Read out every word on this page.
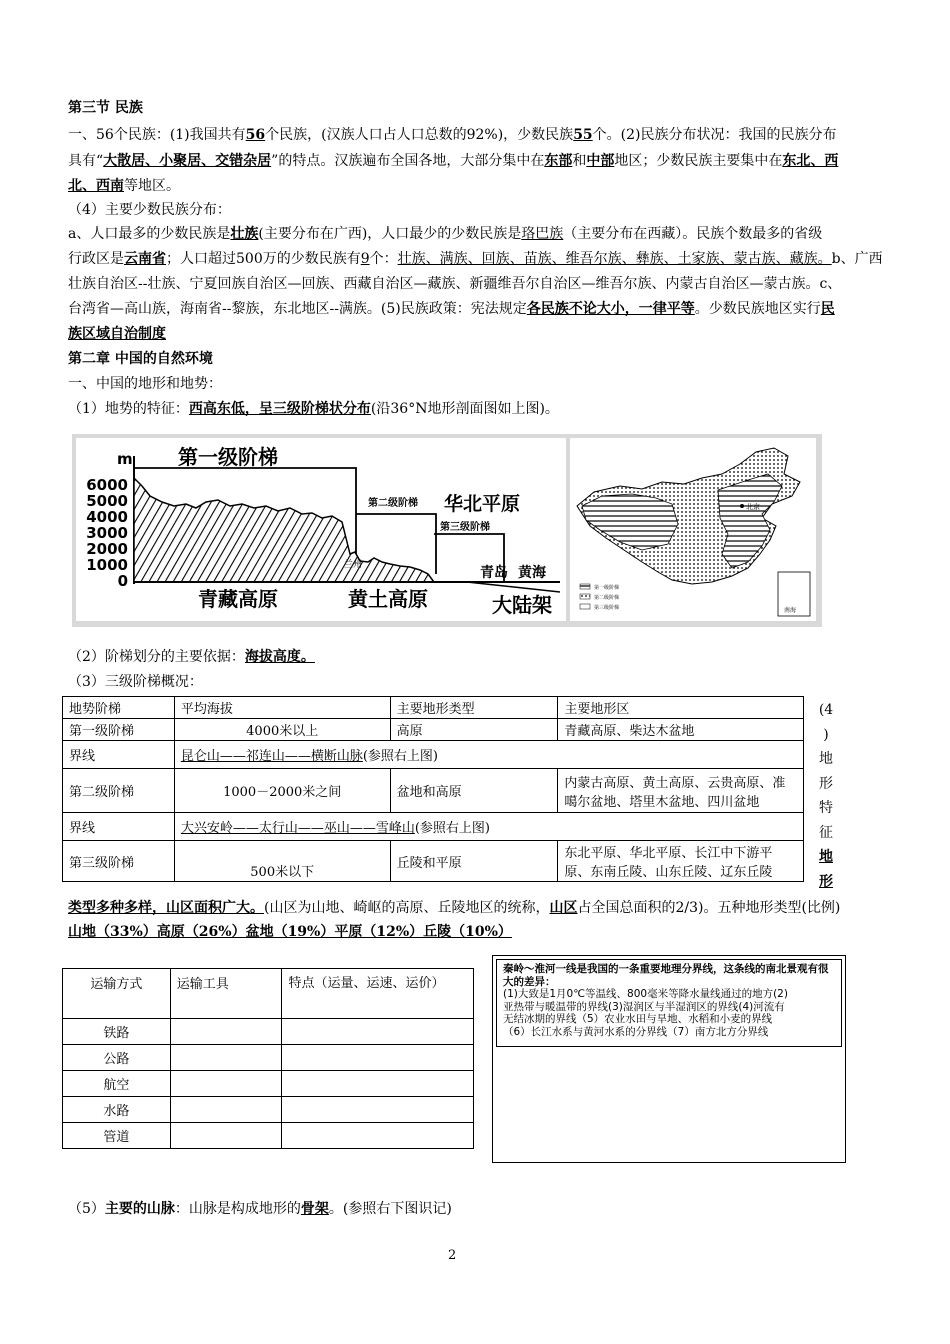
第三节 民族
一、56个民族：(1)我国共有56个民族，(汉族人口占人口总数的92%)，少数民族55个。(2)民族分布状况：我国的民族分布
具有“大散居、小聚居、交错杂居”的特点。汉族遍布全国各地，大部分集中在东部和中部地区；少数民族主要集中在东北、西
北、西南等地区。
（4）主要少数民族分布：
a、人口最多的少数民族是壮族(主要分布在广西)，人口最少的少数民族是珞巴族（主要分布在西藏）。民族个数最多的省级
行政区是云南省；人口超过500万的少数民族有9个：壮族、满族、回族、苗族、维吾尔族、彝族、土家族、蒙古族、藏族。b、广西
壮族自治区--壮族、宁夏回族自治区—回族、西藏自治区—藏族、新疆维吾尔自治区—维吾尔族、内蒙古自治区—蒙古族。c、
台湾省—高山族，海南省--黎族，东北地区--满族。(5)民族政策：宪法规定各民族不论大小，一律平等。少数民族地区实行民
族区域自治制度
第二章 中国的自然环境
一、中国的地形和地势：
（1）地势的特征：西高东低，呈三级阶梯状分布(沿36°N地形剖面图如上图)。
m
6000
5000
4000
3000
2000
1000
0
第一级阶梯
第二级阶梯 华北平原
第三级阶梯
兰州	青岛 黄海
青藏高原	黄土高原	大陆架
北京
南海
第一级阶梯
第二级阶梯
第三级阶梯
（2）阶梯划分的主要依据：海拔高度。
（3）三级阶梯概况：
地势阶梯	平均海拔	主要地形类型	主要地形区
第一级阶梯	4000米以上	高原	青藏高原、柴达木盆地
界线	昆仑山——祁连山——横断山脉(参照右上图)		
第二级阶梯	1000－2000米之间	盆地和高原	内蒙古高原、黄土高原、云贵高原、准噶尔盆地、塔里木盆地、四川盆地
界线	大兴安岭——太行山——巫山——雪峰山(参照右上图)		
第三级阶梯	500米以下	丘陵和平原	东北平原、华北平原、长江中下游平原、东南丘陵、山东丘陵、辽东丘陵
(4
)
地
形
特
征
地
形
类型多种多样，山区面积广大。(山区为山地、崎岖的高原、丘陵地区的统称，山区占全国总面积的2/3)。五种地形类型(比例)
山地（33%）高原（26%）盆地（19%）平原（12%）丘陵（10%）
运输方式	运输工具	特点（运量、运速、运价）
铁路		
公路		
航空		
水路		
管道		
秦岭～淮河一线是我国的一条重要地理分界线，这条线的南北景观有很大的差异：
(1)大致是1月0℃等温线、800毫米等降水量线通过的地方(2)
亚热带与暖温带的界线(3)湿润区与半湿润区的界线(4)河流有
无结冰期的界线（5）农业水田与旱地、水稻和小麦的界线
（6）长江水系与黄河水系的分界线（7）南方北方分界线
（5）主要的山脉：山脉是构成地形的骨架。(参照右下图识记)
2
